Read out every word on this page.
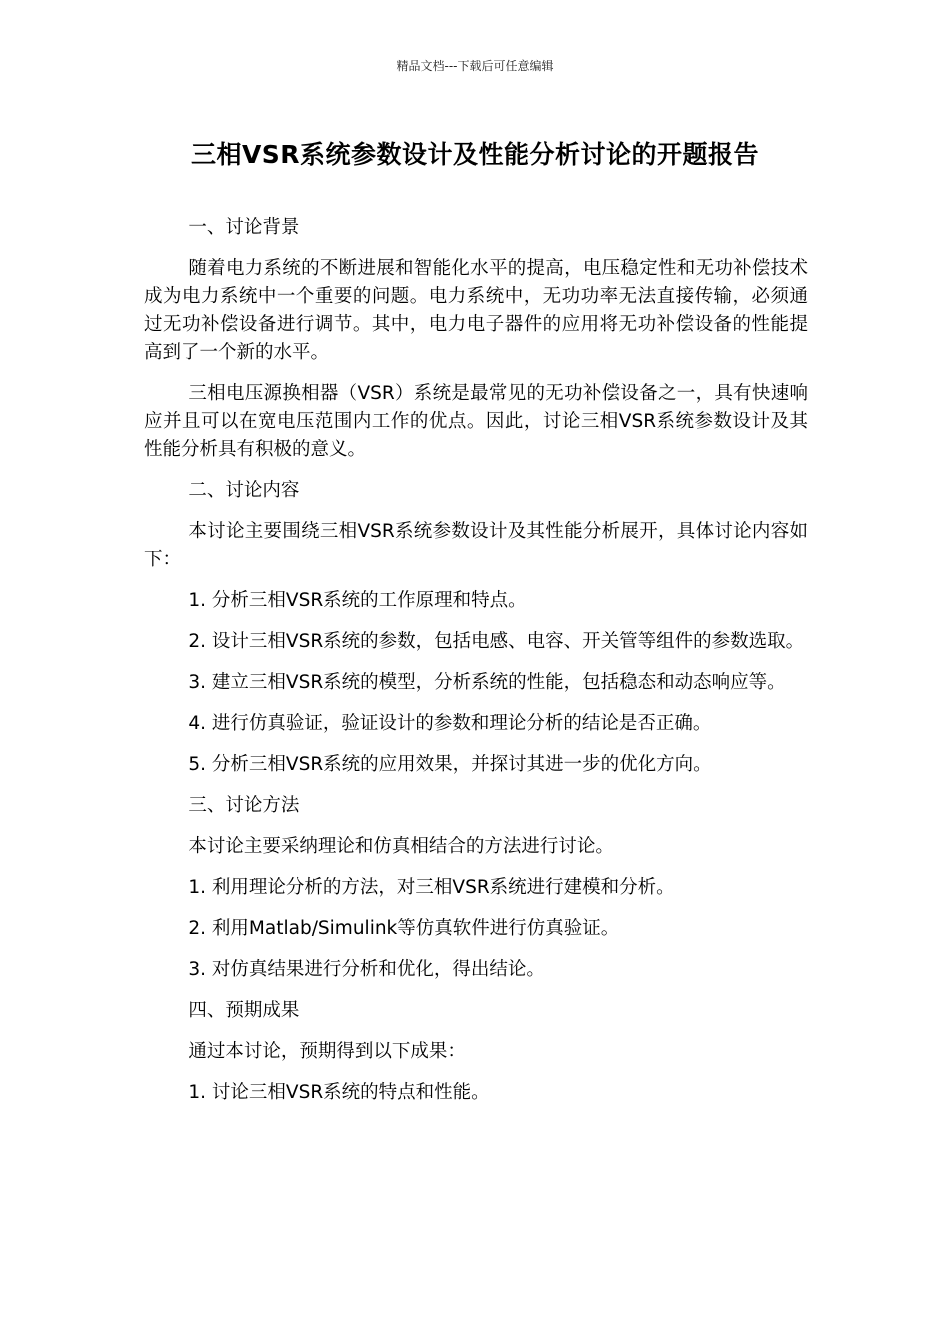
精品文档---下载后可任意编辑
三相VSR系统参数设计及性能分析讨论的开题报告

一、讨论背景

随着电力系统的不断进展和智能化水平的提高，电压稳定性和无功补偿技术成为电力系统中一个重要的问题。电力系统中，无功功率无法直接传输，必须通过无功补偿设备进行调节。其中，电力电子器件的应用将无功补偿设备的性能提高到了一个新的水平。

三相电压源换相器（VSR）系统是最常见的无功补偿设备之一，具有快速响应并且可以在宽电压范围内工作的优点。因此，讨论三相VSR系统参数设计及其性能分析具有积极的意义。

二、讨论内容

本讨论主要围绕三相VSR系统参数设计及其性能分析展开，具体讨论内容如下：

1. 分析三相VSR系统的工作原理和特点。

2. 设计三相VSR系统的参数，包括电感、电容、开关管等组件的参数选取。

3. 建立三相VSR系统的模型，分析系统的性能，包括稳态和动态响应等。

4. 进行仿真验证，验证设计的参数和理论分析的结论是否正确。

5. 分析三相VSR系统的应用效果，并探讨其进一步的优化方向。

三、讨论方法

本讨论主要采纳理论和仿真相结合的方法进行讨论。

1. 利用理论分析的方法，对三相VSR系统进行建模和分析。

2. 利用Matlab/Simulink等仿真软件进行仿真验证。

3. 对仿真结果进行分析和优化，得出结论。

四、预期成果

通过本讨论，预期得到以下成果：

1. 讨论三相VSR系统的特点和性能。
